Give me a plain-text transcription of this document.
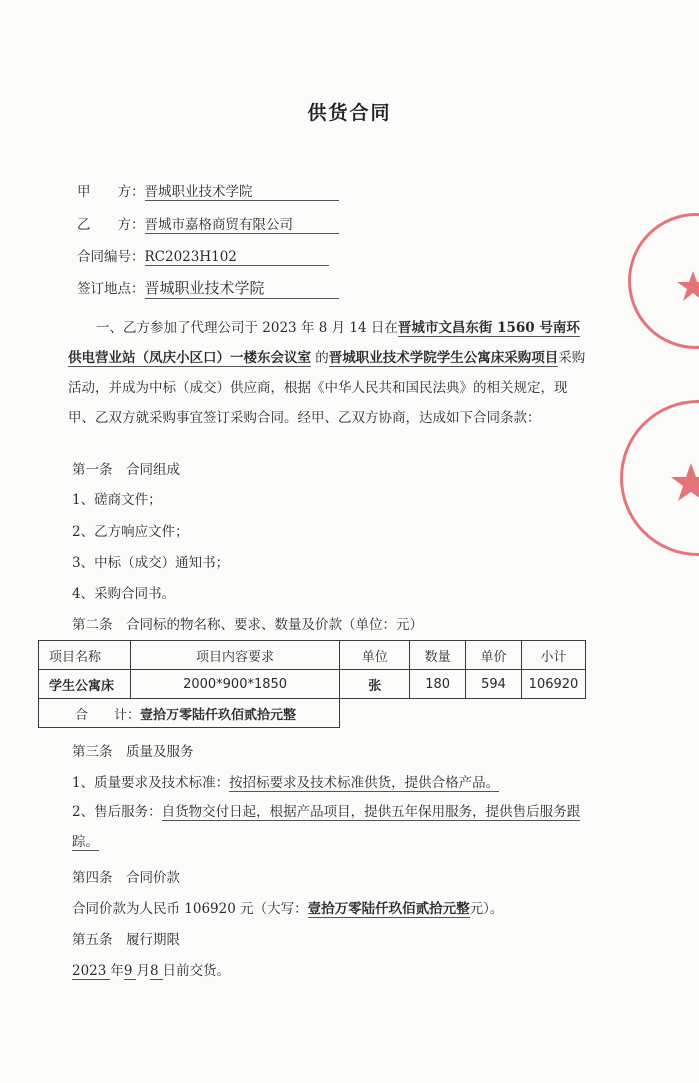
供货合同
甲　　方：晋城职业技术学院
乙　　方：晋城市嘉格商贸有限公司
合同编号：RC2023H102
签订地点：晋城职业技术学院
一、乙方参加了代理公司于 2023 年 8 月 14 日在晋城市文昌东街 1560 号南环供电营业站（凤庆小区口）一楼东会议室 的晋城职业技术学院学生公寓床采购项目采购活动，并成为中标（成交）供应商，根据《中华人民共和国民法典》的相关规定，现甲、乙双方就采购事宜签订采购合同。经甲、乙双方协商，达成如下合同条款：
第一条　合同组成
1、磋商文件；
2、乙方响应文件；
3、中标（成交）通知书；
4、采购合同书。
第二条　合同标的物名称、要求、数量及价款（单位：元）
项目名称	项目内容要求	单位	数量	单价	小计
学生公寓床	2000*900*1850	张	180	594	106920
合　　计：壹拾万零陆仟玖佰贰拾元整					
第三条　质量及服务
1、质量要求及技术标准：按招标要求及技术标准供货，提供合格产品。
2、售后服务：自货物交付日起，根据产品项目，提供五年保用服务，提供售后服务跟踪。
第四条　合同价款
合同价款为人民币 106920 元（大写：壹拾万零陆仟玖佰贰拾元整元）。
第五条　履行期限
2023 年9 月8 日前交货。
